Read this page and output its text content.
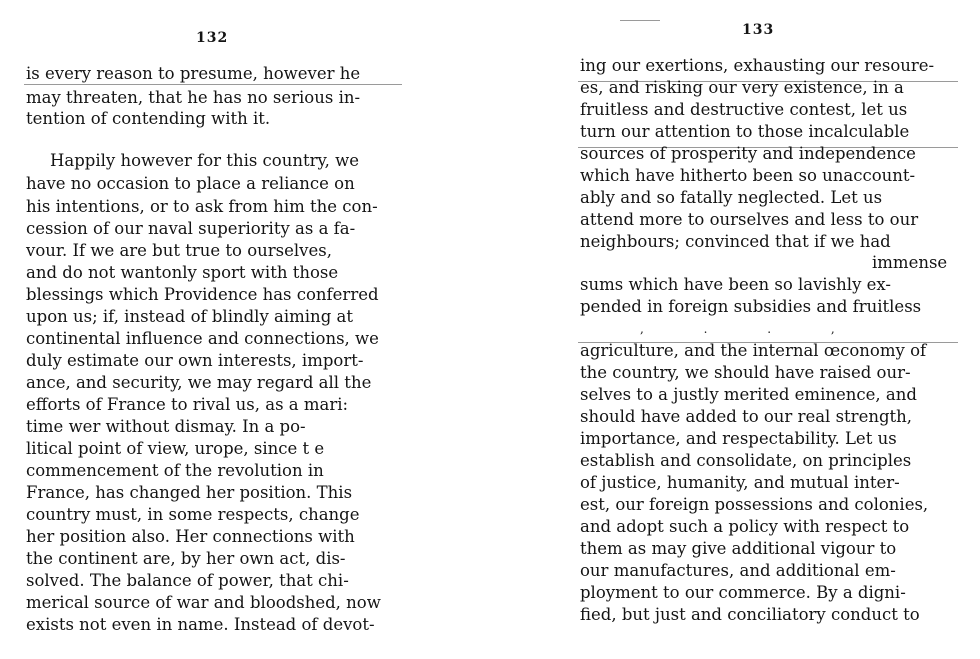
132
is every reason to presume, however he
may threaten, that he has no serious in-
tention of contending with it.
Happily however for this country, we
have no occasion to place a reliance on
his intentions, or to ask from him the con-
cession of our naval superiority as a fa-
vour. If we are but true to ourselves,
and do not wantonly sport with those
blessings which Providence has conferred
upon us; if, instead of blindly aiming at
continental influence and connections, we
duly estimate our own interests, import-
ance, and security, we may regard all the
efforts of France to rival us, as a mari:
time wer without dismay. In a po-
litical point of view, urope, since t e
commencement of the revolution in
France, has changed her position. This
country must, in some respects, change
her position also. Her connections with
the continent are, by her own act, dis-
solved. The balance of power, that chi-
merical source of war and bloodshed, now
exists not even in name. Instead of devot-
133
ing our exertions, exhausting our resoure-
es, and risking our very existence, in a
fruitless and destructive contest, let us
turn our attention to those incalculable
sources of prosperity and independence
which have hitherto been so unaccount-
ably and so fatally neglected. Let us
attend more to ourselves and less to our
neighbours; convinced that if we had
immense
sums which have been so lavishly ex-
pended in foreign subsidies and fruitless
, . . ,
agriculture, and the internal œconomy of
the country, we should have raised our-
selves to a justly merited eminence, and
should have added to our real strength,
importance, and respectability. Let us
establish and consolidate, on principles
of justice, humanity, and mutual inter-
est, our foreign possessions and colonies,
and adopt such a policy with respect to
them as may give additional vigour to
our manufactures, and additional em-
ployment to our commerce. By a digni-
fied, but just and conciliatory conduct to
